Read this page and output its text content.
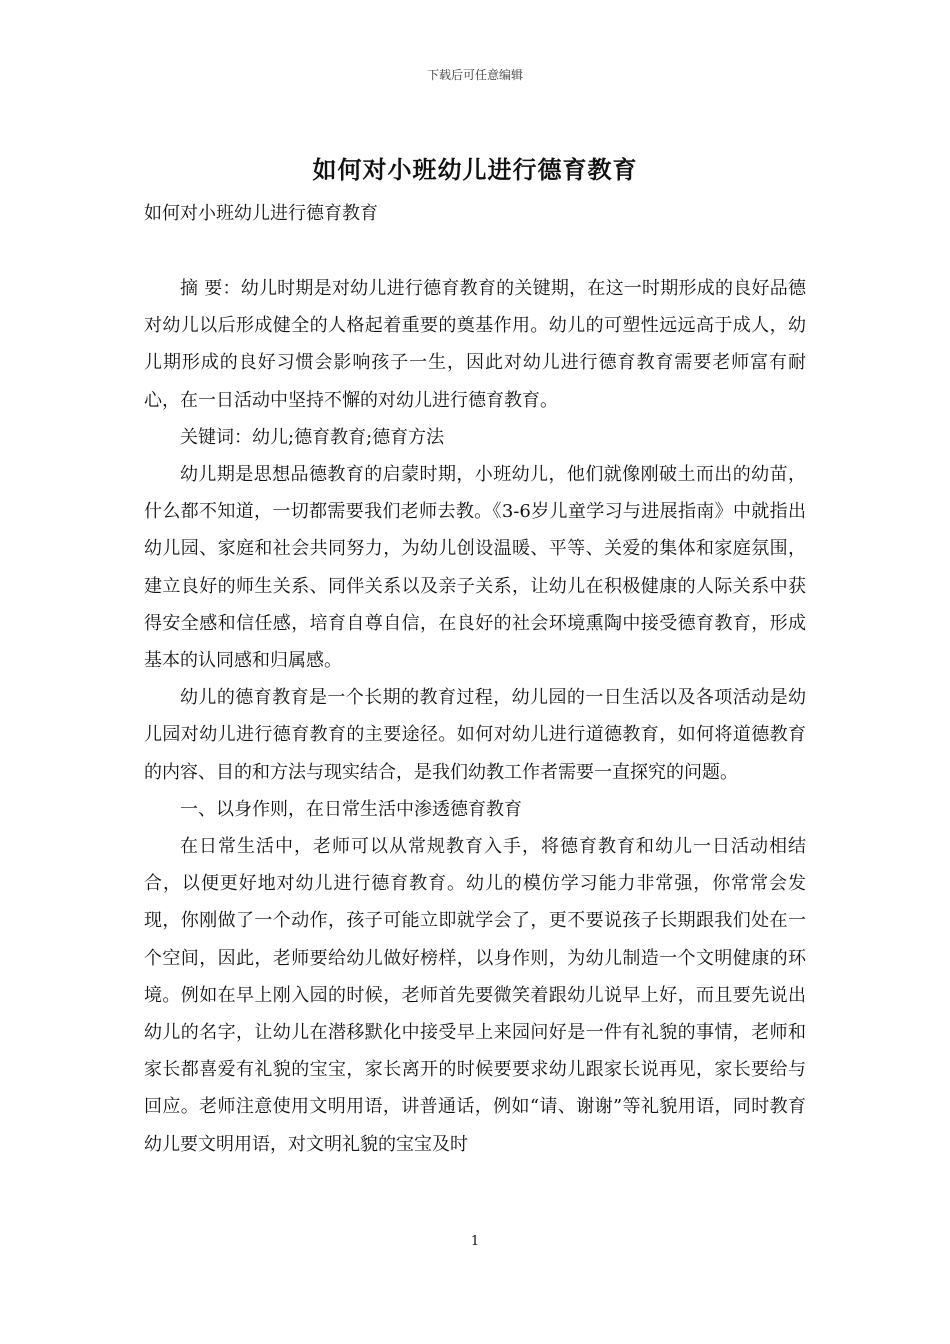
下载后可任意编辑
如何对小班幼儿进行德育教育
如何对小班幼儿进行德育教育

摘 要：幼儿时期是对幼儿进行德育教育的关键期，在这一时期形成的良好品德对幼儿以后形成健全的人格起着重要的奠基作用。幼儿的可塑性远远高于成人，幼儿期形成的良好习惯会影响孩子一生，因此对幼儿进行德育教育需要老师富有耐心，在一日活动中坚持不懈的对幼儿进行德育教育。

关键词：幼儿;德育教育;德育方法

幼儿期是思想品德教育的启蒙时期，小班幼儿，他们就像刚破土而出的幼苗，什么都不知道，一切都需要我们老师去教。《3-6岁儿童学习与进展指南》中就指出幼儿园、家庭和社会共同努力，为幼儿创设温暖、平等、关爱的集体和家庭氛围，建立良好的师生关系、同伴关系以及亲子关系，让幼儿在积极健康的人际关系中获得安全感和信任感，培育自尊自信，在良好的社会环境熏陶中接受德育教育，形成基本的认同感和归属感。

幼儿的德育教育是一个长期的教育过程，幼儿园的一日生活以及各项活动是幼儿园对幼儿进行德育教育的主要途径。如何对幼儿进行道德教育，如何将道德教育的内容、目的和方法与现实结合，是我们幼教工作者需要一直探究的问题。

一、以身作则，在日常生活中渗透德育教育

在日常生活中，老师可以从常规教育入手，将德育教育和幼儿一日活动相结合，以便更好地对幼儿进行德育教育。幼儿的模仿学习能力非常强，你常常会发现，你刚做了一个动作，孩子可能立即就学会了，更不要说孩子长期跟我们处在一个空间，因此，老师要给幼儿做好榜样，以身作则，为幼儿制造一个文明健康的环境。例如在早上刚入园的时候，老师首先要微笑着跟幼儿说早上好，而且要先说出幼儿的名字，让幼儿在潜移默化中接受早上来园问好是一件有礼貌的事情，老师和家长都喜爱有礼貌的宝宝，家长离开的时候要要求幼儿跟家长说再见，家长要给与回应。老师注意使用文明用语，讲普通话，例如“请、谢谢”等礼貌用语，同时教育幼儿要文明用语，对文明礼貌的宝宝及时

1
